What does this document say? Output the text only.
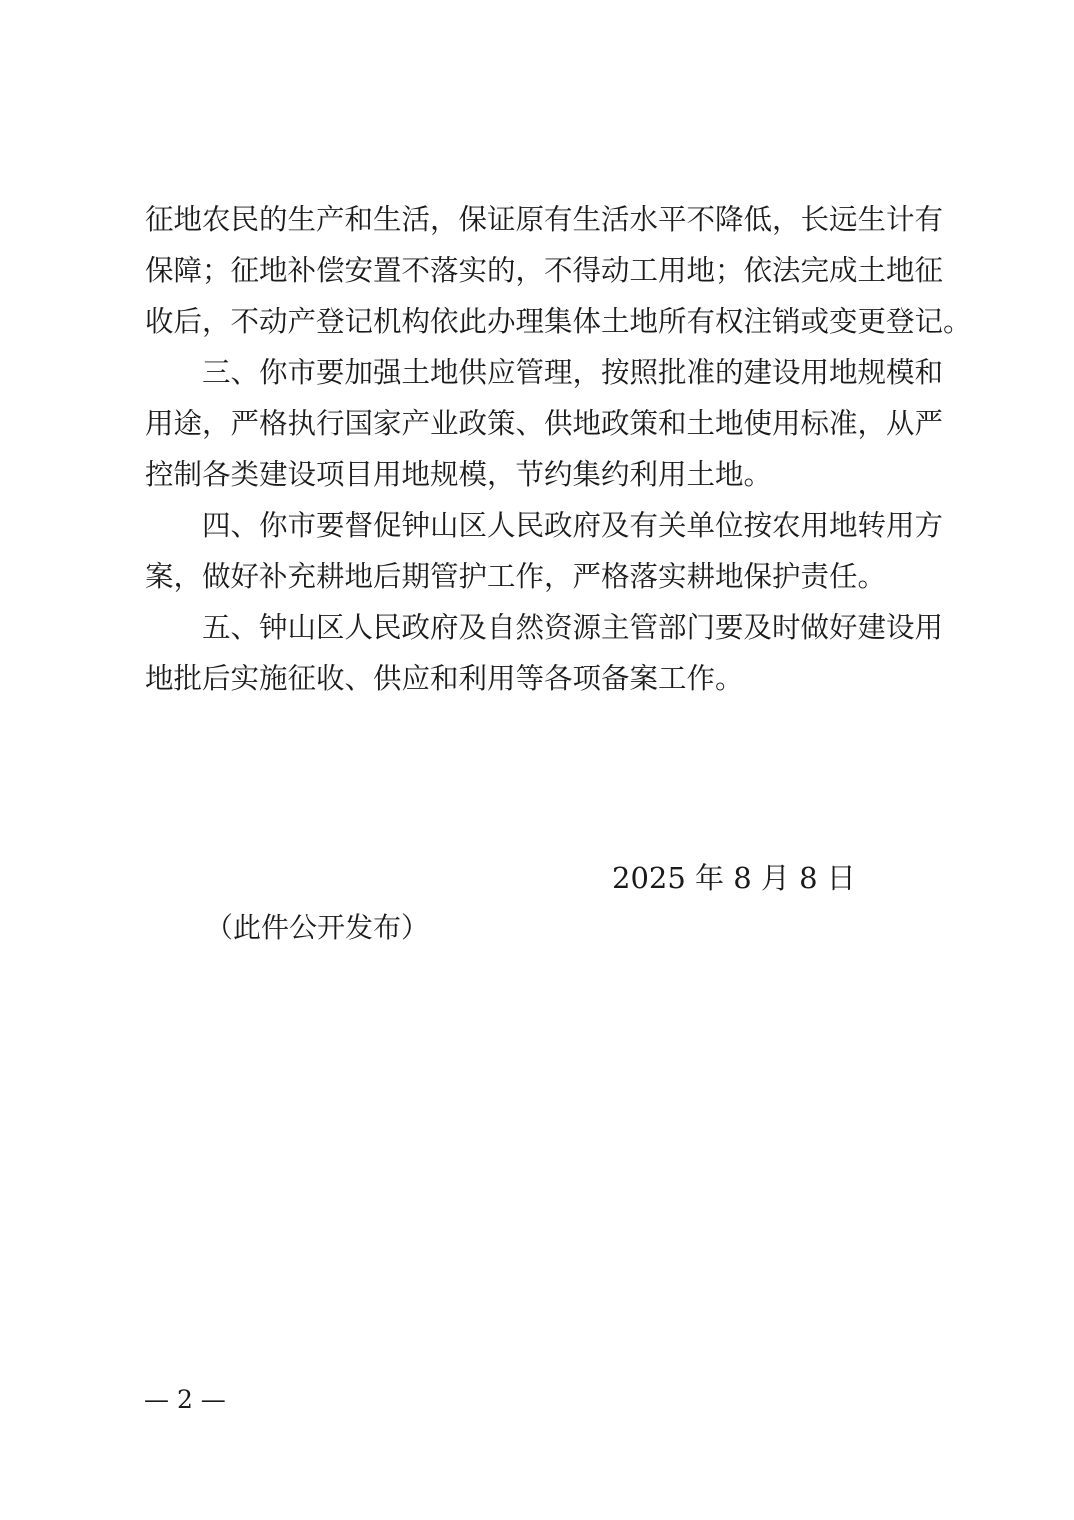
征地农民的生产和生活，保证原有生活水平不降低，长远生计有
保障；征地补偿安置不落实的，不得动工用地；依法完成土地征
收后，不动产登记机构依此办理集体土地所有权注销或变更登记。
三、你市要加强土地供应管理，按照批准的建设用地规模和
用途，严格执行国家产业政策、供地政策和土地使用标准，从严
控制各类建设项目用地规模，节约集约利用土地。
四、你市要督促钟山区人民政府及有关单位按农用地转用方
案，做好补充耕地后期管护工作，严格落实耕地保护责任。
五、钟山区人民政府及自然资源主管部门要及时做好建设用
地批后实施征收、供应和利用等各项备案工作。
2025 年 8 月 8 日
（此件公开发布）
— 2 —
